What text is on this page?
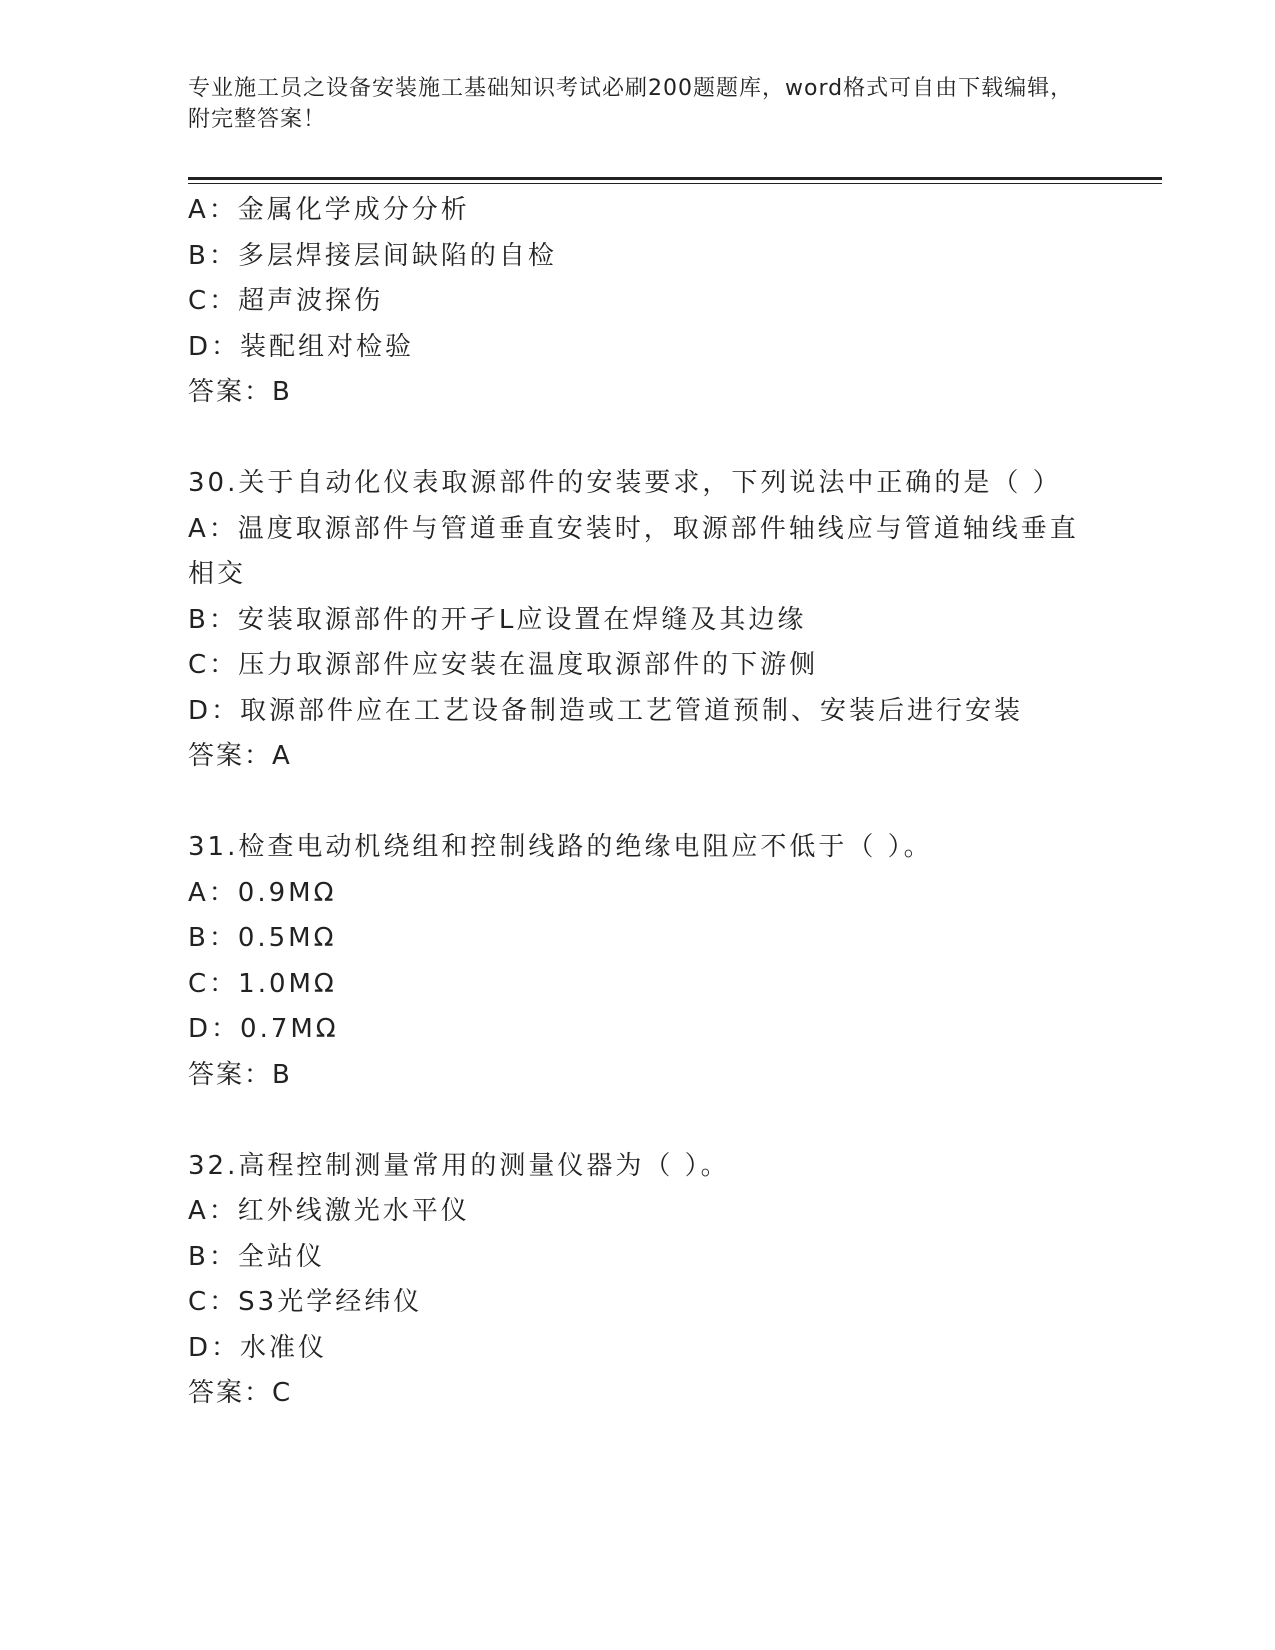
专业施工员之设备安装施工基础知识考试必刷200题题库，word格式可自由下载编辑，附完整答案！
A：金属化学成分分析
B：多层焊接层间缺陷的自检
C：超声波探伤
D：装配组对检验
答案：B
30.关于自动化仪表取源部件的安装要求，下列说法中正确的是（ ）
A：温度取源部件与管道垂直安装时，取源部件轴线应与管道轴线垂直相交
B：安装取源部件的开孑L应设置在焊缝及其边缘
C：压力取源部件应安装在温度取源部件的下游侧
D：取源部件应在工艺设备制造或工艺管道预制、安装后进行安装
答案：A
31.检查电动机绕组和控制线路的绝缘电阻应不低于（ ）。
A：0.9MΩ
B：0.5MΩ
C：1.0MΩ
D：0.7MΩ
答案：B
32.高程控制测量常用的测量仪器为（ ）。
A：红外线激光水平仪
B：全站仪
C：S3光学经纬仪
D：水准仪
答案：C
